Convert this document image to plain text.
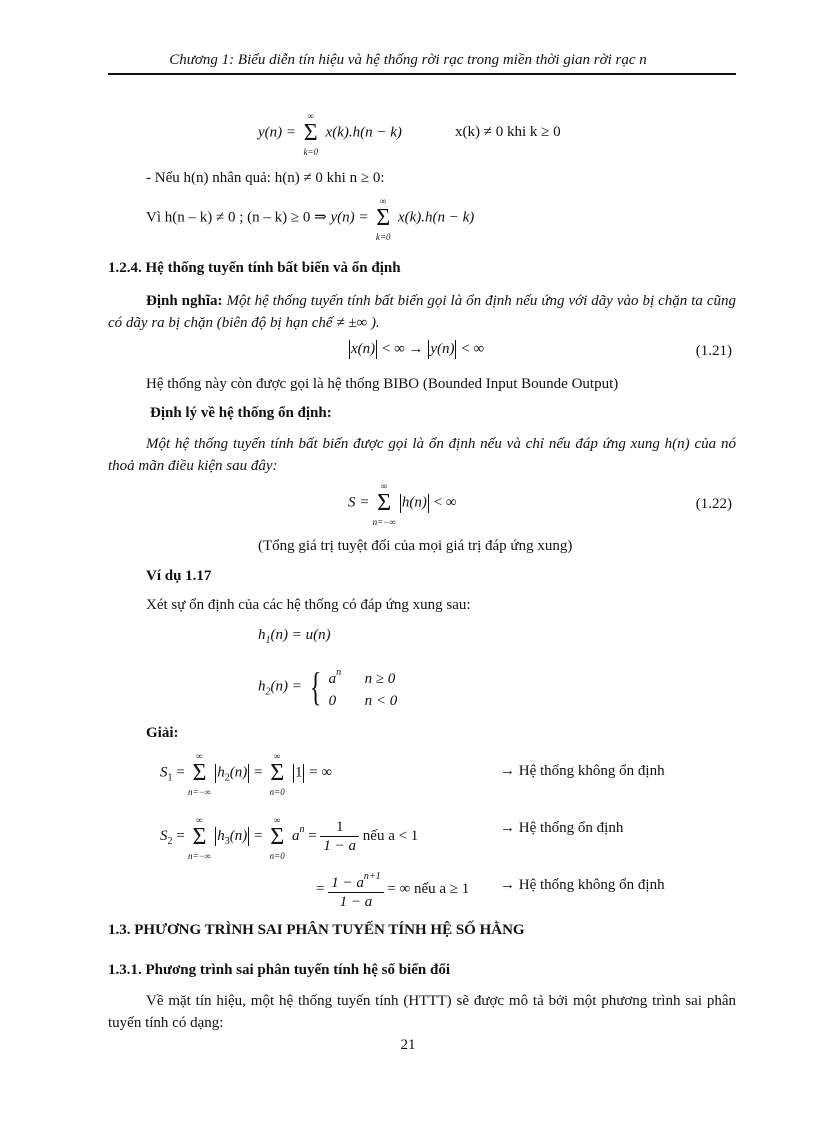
Chương 1: Biểu diễn tín hiệu và hệ thống rời rạc trong miền thời gian rời rạc n
y(n) = Σ
∞
k=0
x(k).h(n − k)	x(k) ≠ 0 khi k ≥ 0
- Nếu h(n) nhân quả: h(n) ≠ 0 khi n ≥ 0:
Vì h(n – k) ≠ 0 ; (n – k) ≥ 0 ⇒ y(n) = Σ
∞
k=0
x(k).h(n − k)
1.2.4. Hệ thống tuyến tính bất biến và ổn định
Định nghĩa: Một hệ thống tuyến tính bất biến gọi là ổn định nếu ứng với dãy vào bị chặn ta cũng có dãy ra bị chặn (biên độ bị hạn chế ≠ ±∞ ).
x(n) < ∞ → y(n) < ∞	(1.21)
Hệ thống này còn được gọi là hệ thống BIBO (Bounded Input Bounde Output)
Định lý về hệ thống ổn định:
Một hệ thống tuyến tính bất biến được gọi là ổn định nếu và chỉ nếu đáp ứng xung h(n) của nó thoả mãn điều kiện sau đây:
S = Σ
∞
n=−∞
h(n) < ∞	(1.22)
(Tổng giá trị tuyệt đối của mọi giá trị đáp ứng xung)
Ví dụ 1.17
Xét sự ổn định của các hệ thống có đáp ứng xung sau:
$h_1(n) = u(n)$
$h_2(n)$ = { $a^n$ n ≥ 0
0 n < 0
Giải:
$S_1 = \Sigma$
∞
n=−∞
$h_2(n) = \Sigma$
∞
n=0
1 = ∞	→ Hệ thống không ổn định
$S_2 = \Sigma$
∞
n=−∞
$h_3(n) = \Sigma$
∞
n=0
$a^n = \frac{1}{1 - a}$ nếu a < 1	→ Hệ thống ổn định
= $\frac{1 - a^{n+1}}{1 - a}$ = ∞ nếu a ≥ 1 → Hệ thống không ổn định
1.3. PHƯƠNG TRÌNH SAI PHÂN TUYẾN TÍNH HỆ SỐ HẰNG
1.3.1. Phương trình sai phân tuyến tính hệ số biến đổi
Về mặt tín hiệu, một hệ thống tuyến tính (HTTT) sẽ được mô tả bởi một phương trình sai phân tuyến tính có dạng:
21
